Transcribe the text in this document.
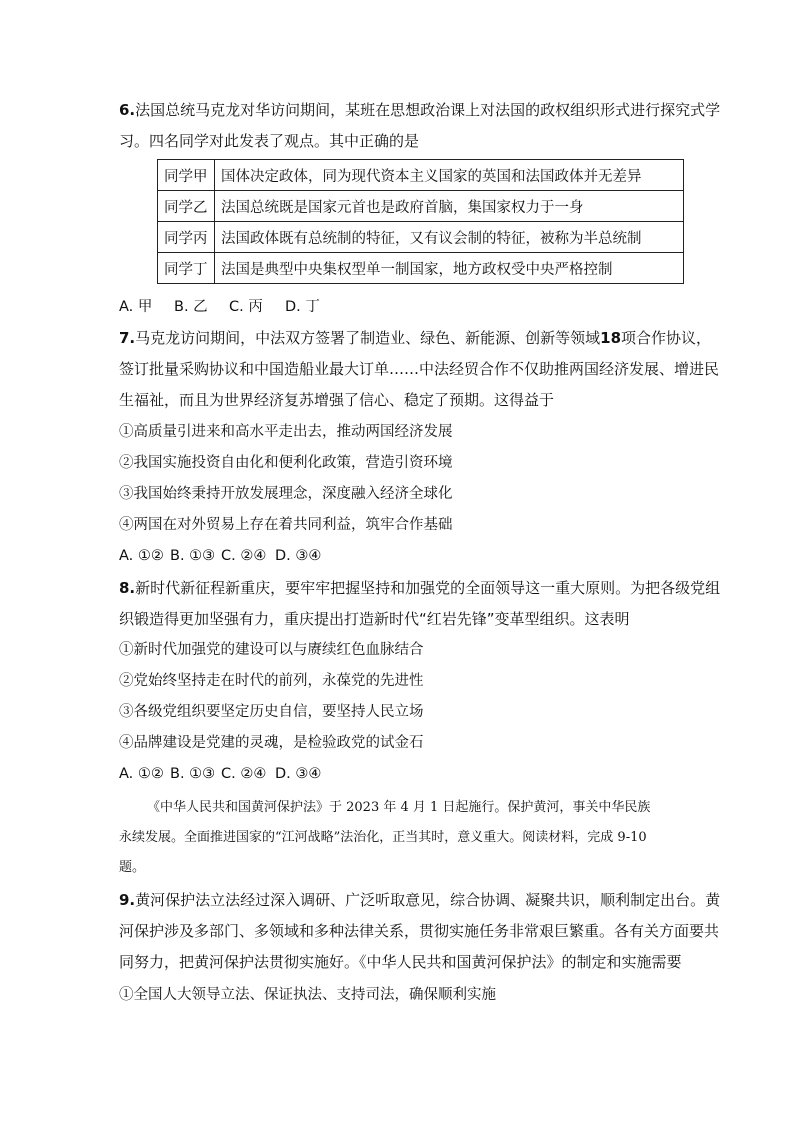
6.法国总统马克龙对华访问期间，某班在思想政治课上对法国的政权组织形式进行探究式学
习。四名同学对此发表了观点。其中正确的是
同学甲	国体决定政体，同为现代资本主义国家的英国和法国政体并无差异
同学乙	法国总统既是国家元首也是政府首脑，集国家权力于一身
同学丙	法国政体既有总统制的特征，又有议会制的特征，被称为半总统制
同学丁	法国是典型中央集权型单一制国家，地方政权受中央严格控制
A. 甲 B. 乙 C. 丙 D. 丁
7.马克龙访问期间，中法双方签署了制造业、绿色、新能源、创新等领域18项合作协议，
签订批量采购协议和中国造船业最大订单……中法经贸合作不仅助推两国经济发展、增进民
生福祉，而且为世界经济复苏增强了信心、稳定了预期。这得益于
①高质量引进来和高水平走出去，推动两国经济发展
②我国实施投资自由化和便利化政策，营造引资环境
③我国始终秉持开放发展理念，深度融入经济全球化
④两国在对外贸易上存在着共同利益，筑牢合作基础
A. ①② B. ①③ C. ②④ D. ③④
8.新时代新征程新重庆，要牢牢把握坚持和加强党的全面领导这一重大原则。为把各级党组
织锻造得更加坚强有力，重庆提出打造新时代“红岩先锋”变革型组织。这表明
①新时代加强党的建设可以与赓续红色血脉结合
②党始终坚持走在时代的前列，永葆党的先进性
③各级党组织要坚定历史自信，要坚持人民立场
④品牌建设是党建的灵魂，是检验政党的试金石
A. ①② B. ①③ C. ②④ D. ③④
《中华人民共和国黄河保护法》于 2023 年 4 月 1 日起施行。保护黄河，事关中华民族
永续发展。全面推进国家的“江河战略”法治化，正当其时，意义重大。阅读材料，完成 9-10
题。
9.黄河保护法立法经过深入调研、广泛听取意见，综合协调、凝聚共识，顺利制定出台。黄
河保护涉及多部门、多领域和多种法律关系，贯彻实施任务非常艰巨繁重。各有关方面要共
同努力，把黄河保护法贯彻实施好。《中华人民共和国黄河保护法》的制定和实施需要
①全国人大领导立法、保证执法、支持司法，确保顺利实施
